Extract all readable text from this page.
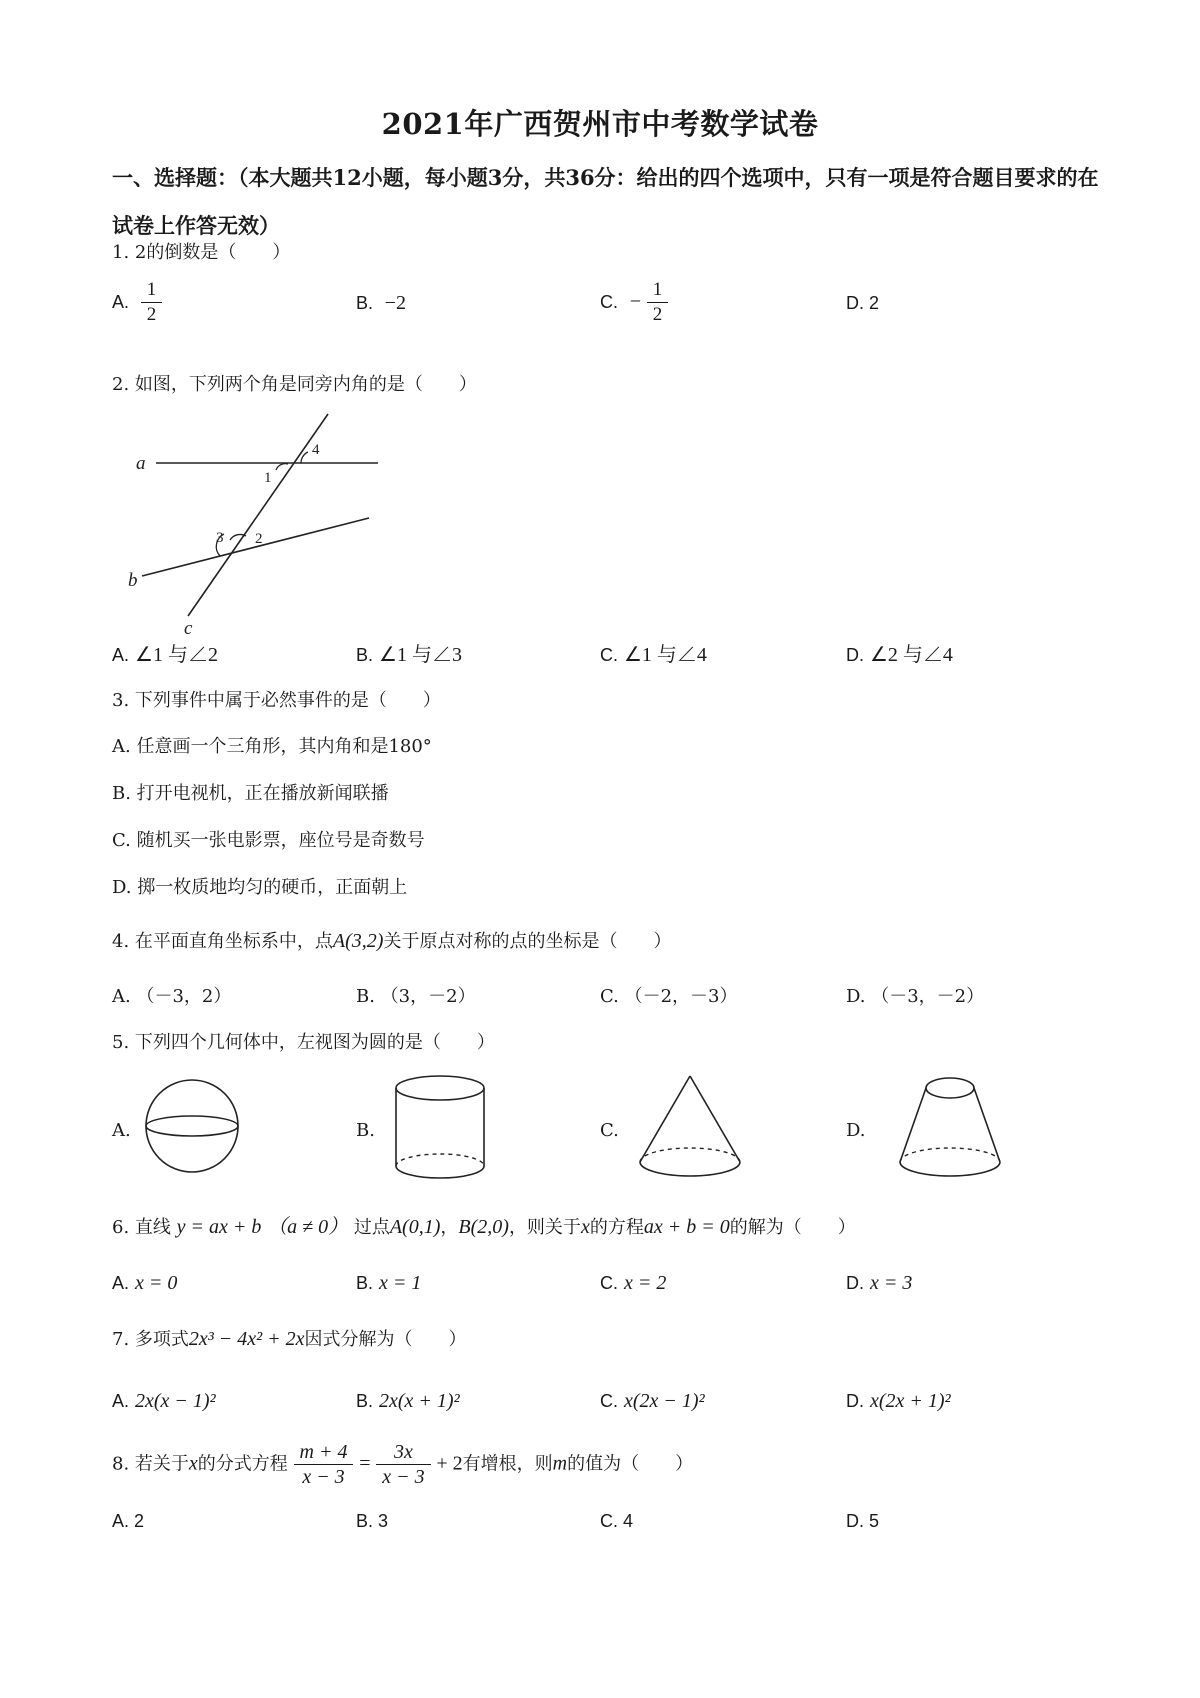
2021年广西贺州市中考数学试卷
一、选择题：（本大题共12小题，每小题3分，共36分：给出的四个选项中，只有一项是符合题目要求的在试卷上作答无效）
1. 2的倒数是（　　）
A. $\frac{1}{2}$	B. −2	C. − $\frac{1}{2}$	D. 2
2. 如图，下列两个角是同旁内角的是（　　）
a
b
c
1
2
3
4
A. ∠1 与∠2	B. ∠1 与∠3	C. ∠1 与∠4	D. ∠2 与∠4
3. 下列事件中属于必然事件的是（　　）
A. 任意画一个三角形，其内角和是180°
B. 打开电视机，正在播放新闻联播
C. 随机买一张电影票，座位号是奇数号
D. 掷一枚质地均匀的硬币，正面朝上
4. 在平面直角坐标系中，点A(3,2)关于原点对称的点的坐标是（　　）
A. （－3，2）	B. （3，－2）	C. （－2，－3）	D. （－3，－2）
5. 下列四个几何体中，左视图为圆的是（　　）
A.	B.	C.	D.
6. 直线 y = ax + b （a ≠ 0） 过点A(0,1)，B(2,0)，则关于x的方程ax + b = 0的解为（　　）
A. x = 0	B. x = 1	C. x = 2	D. x = 3
7. 多项式2x³ − 4x² + 2x因式分解为（　　）
A. 2x(x − 1)²	B. 2x(x + 1)²	C. x(2x − 1)²	D. x(2x + 1)²
8. 若关于x的分式方程 $\frac{m + 4}{x - 3} = \frac{3x}{x - 3} + 2$有增根，则m的值为（　　）
A. 2	B. 3	C. 4	D. 5
